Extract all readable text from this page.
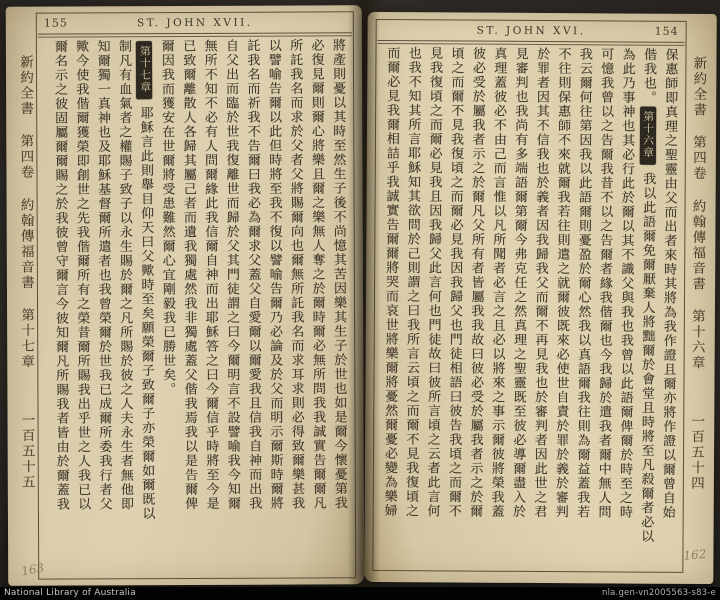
新約全書
第四卷
約翰傳福音書
第十七章
一百五十五
155	ST. JOHN XVII.
將產則憂以其時至然生子後不尚憶其苦因樂其生子於世也如是爾今懷憂第我
必復見爾則爾心將樂且爾之樂無人奪之於爾時爾必無所問我我誠實告爾爾凡
所託我名而求於父者父將賜爾向也爾無所託我名而求耳求則必得致爾樂甚我
以譬喻告爾以此但時將至我不復以譬喻告爾乃必論及於父而明示爾斯時爾將
託我名而祈我不告爾曰我必為爾求父蓋父自愛爾以爾愛我且信我自神而出我
自父出而臨於世我復離世而歸於父其門徒謂之曰今爾明言不設譬喻我今知爾
無所不知不必有人問爾緣此我信爾自神而出耶穌答之曰今爾信乎時將至今是
已致爾離散人各歸其屬己者而遺我獨處然我非獨處蓋父偕我焉我以是告爾俾
爾因我而獲安在世爾將受患難然爾心宜剛毅我已勝世矣。
第十七章耶穌言此則舉目仰天曰父歟時至矣願榮爾子致爾子亦榮爾如爾既以
制凡有血氣者之權賜子致子以永生賜於爾之凡所賜於彼之人夫永生者無他即
知爾獨一真神也及耶穌基督爾所遣者也我曾榮爾於世我已成爾所委我行者父
歟今使我偕爾獲榮即創世之先我偕爾所有之榮昔爾所賜我出乎世之人我已以
爾名示之彼固屬爾爾賜之於我彼曾守爾言今彼知爾凡所賜我者皆由於爾蓋我
163
新約全書
第四卷
約翰傳福音書
第十六章
一百五十四
ST. JOHN XVI.	154
保惠師即真理之聖靈由父而出者來時其將為我作證且爾亦將作證以爾曾自始
偕我也。第十六章我以此語爾免爾厭棄人將黜爾於會堂且時將至凡殺爾者必以
為此乃事神也其必行此於爾以其不識父與我也我曾以此語爾俾爾於時至之時
可憶我曾以之告爾我昔不以之告爾者緣我偕爾也今我歸於遣我者爾中無人問
我云爾何往第因我以此語爾則憂盈於爾心然我以真語爾我往則為爾益蓋我若
不往則保惠師不來就爾我若往則遣之就爾彼既來必使世自責於罪於義於審判
於罪者因其不信我也於義者因我歸我父而爾不再見我也於審判者因此世之君
見審判也我尚有多端語爾第爾今弗克任之然真理之聖靈既至彼必導爾盡入於
真理蓋彼必不由己而言惟以凡所聞者必言之且必以將來之事示爾彼將榮我蓋
彼必受於屬我者示之於爾凡父所有者皆屬我我故曰彼必受於屬我者示之於爾
頃之而爾不見我復頃之而爾必見我因我歸父也門徒相語曰彼告我頃之而爾不
見我復頃之而爾必見我且因我歸父此言何也門徒故曰彼所言頃之云者此言何
也我不知其所言耶穌知其欲問於己則謂之曰我所言云頃之而爾不見我復頃之
而爾必見我爾相詰乎我誠實告爾爾將哭而哀世將樂爾將憂然爾憂必變為樂婦
162
National Library of Australia	nla.gen-vn2005563-s83-e
